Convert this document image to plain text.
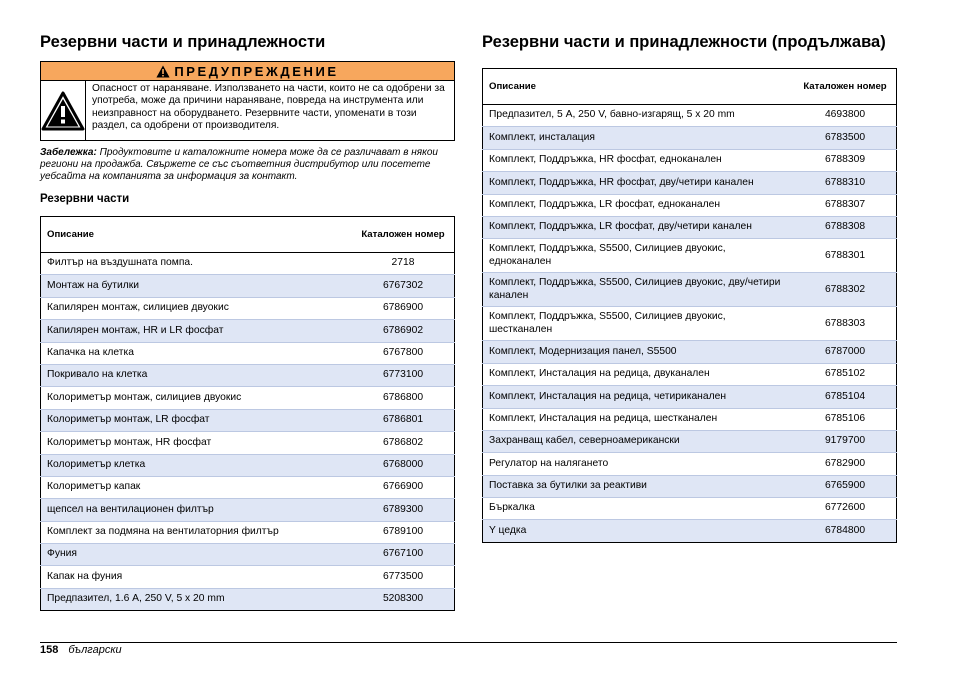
Резервни части и принадлежности
ПРЕДУПРЕЖДЕНИЕ
Опасност от нараняване. Използването на части, които не са одобрени за употреба, може да причини нараняване, повреда на инструмента или неизправност на оборудването. Резервните части, упоменати в този раздел, са одобрени от производителя.
Забележка: Продуктовите и каталожните номера може да се различават в някои региони на продажба. Свържете се със съответния дистрибутор или посетете уебсайта на компанията за информация за контакт.
Резервни части
Описание	Каталожен номер
Филтър на въздушната помпа.	2718
Монтаж на бутилки	6767302
Капилярен монтаж, силициев двуокис	6786900
Капилярен монтаж, HR и LR фосфат	6786902
Капачка на клетка	6767800
Покривало на клетка	6773100
Колориметър монтаж, силициев двуокис	6786800
Колориметър монтаж, LR фосфат	6786801
Колориметър монтаж, HR фосфат	6786802
Колориметър клетка	6768000
Колориметър капак	6766900
щепсел на вентилационен филтър	6789300
Комплект за подмяна на вентилаторния филтър	6789100
Фуния	6767100
Капак на фуния	6773500
Предпазител, 1.6 A, 250 V, 5 x 20 mm	5208300
Резервни части и принадлежности (продължава)
Описание	Каталожен номер
Предпазител, 5 A, 250 V, бавно-изгарящ, 5 x 20 mm	4693800
Комплект, инсталация	6783500
Комплект, Поддръжка, HR фосфат, едноканален	6788309
Комплект, Поддръжка, HR фосфат, дву/четири канален	6788310
Комплект, Поддръжка, LR фосфат, едноканален	6788307
Комплект, Поддръжка, LR фосфат, дву/четири канален	6788308
Комплект, Поддръжка, S5500, Силициев двуокис, едноканален	6788301
Комплект, Поддръжка, S5500, Силициев двуокис, дву/четири канален	6788302
Комплект, Поддръжка, S5500, Силициев двуокис, шестканален	6788303
Комплект, Модернизация панел, S5500	6787000
Комплект, Инсталация на редица, двуканален	6785102
Комплект, Инсталация на редица, четириканален	6785104
Комплект, Инсталация на редица, шестканален	6785106
Захранващ кабел, северноамерикански	9179700
Регулатор на налягането	6782900
Поставка за бутилки за реактиви	6765900
Бъркалка	6772600
Y цедка	6784800
158 български
